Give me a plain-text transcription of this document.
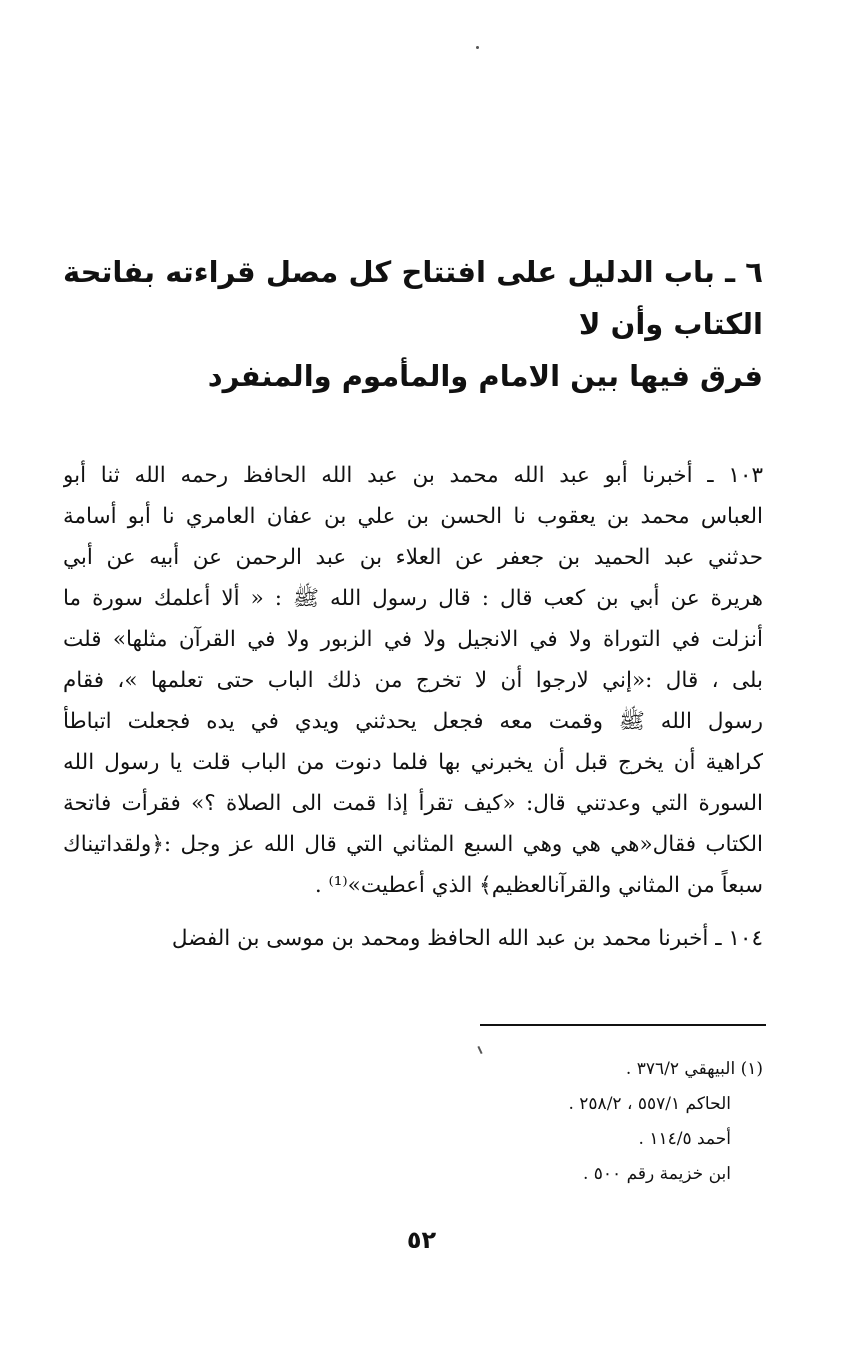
٦ ـ باب الدليل على افتتاح كل مصل قراءته بفاتحة الكتاب وأن لا

فرق فيها بين الامام والمأموم والمنفرد

١٠٣ ـ أخبرنا أبو عبد الله محمد بن عبد الله الحافظ رحمه الله ثنا أبو
العباس محمد بن يعقوب نا الحسن بن علي بن عفان العامري نا أبو أسامة
حدثني عبد الحميد بن جعفر عن العلاء بن عبد الرحمن عن أبيه عن أبي
هريرة عن أبي بن كعب قال : قال رسول الله ﷺ : « ألا أعلمك سورة ما
أنزلت في التوراة ولا في الانجيل ولا في الزبور ولا في القرآن مثلها» قلت
بلى ، قال :«إني لارجوا أن لا تخرج من ذلك الباب حتى تعلمها »، فقام
رسول الله ﷺ وقمت معه فجعل يحدثني ويدي في يده فجعلت اتباطأ
كراهية أن يخرج قبل أن يخبرني بها فلما دنوت من الباب قلت يا رسول الله
السورة التي وعدتني قال: «كيف تقرأ إذا قمت الى الصلاة ؟» فقرأت فاتحة
الكتاب فقال«هي هي وهي السبع المثاني التي قال الله عز وجل :﴿ولقداتيناك
سبعاً من المثاني والقرآنالعظيم﴾ الذي أعطيت»⁽¹⁾ .

١٠٤ ـ أخبرنا محمد بن عبد الله الحافظ ومحمد بن موسى بن الفضل

(١) البيهقي ٣٧٦/٢ .
الحاكم ٥٥٧/١ ، ٢٥٨/٢ .
أحمد ١١٤/٥ .
ابن خزيمة رقم ٥٠٠ .
٥٢
